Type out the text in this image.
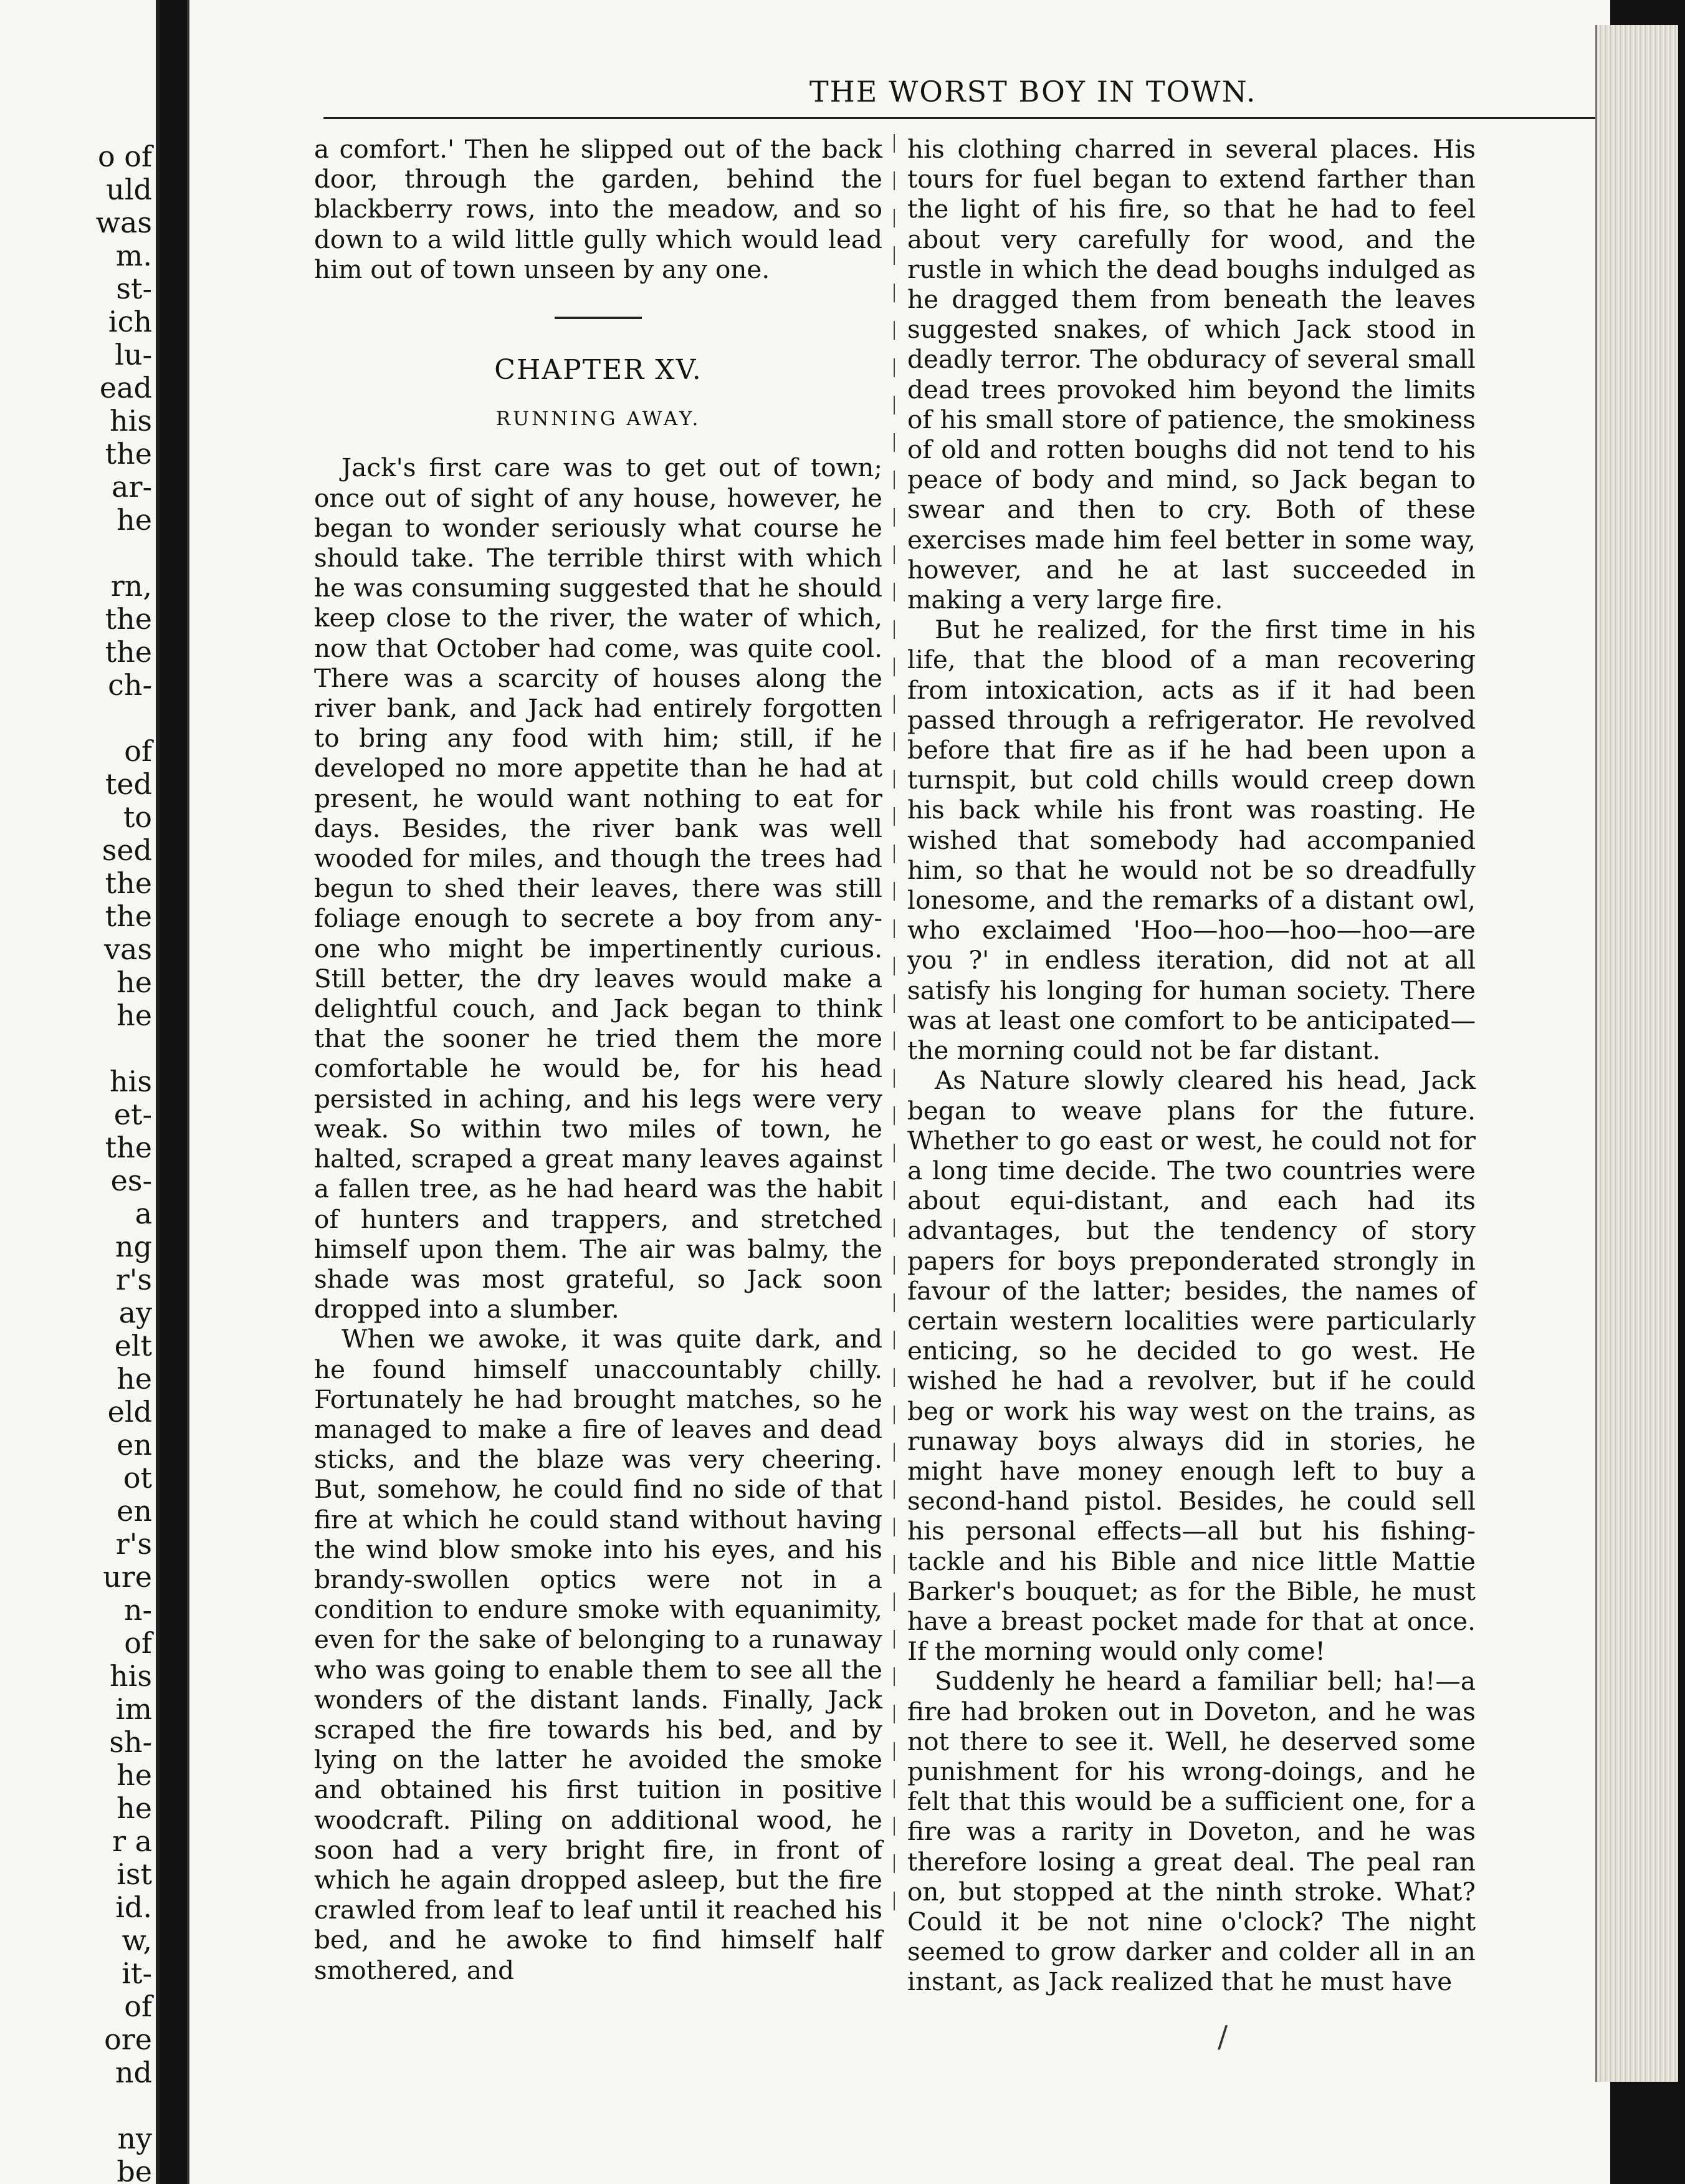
o of
uld
was
m.
st-
ich
lu-
ead
his
the
ar-
he
rn,
the
the
ch-
of
ted
to
sed
the
the
vas
he
he
his
et-
the
es-
a
ng
r's
ay
elt
he
eld
en
ot
en
r's
ure
n-
of
his
im
sh-
he
he
r a
ist
id.
w,
it-
of
ore
nd
ny
be
THE WORST BOY IN TOWN.

a comfort.' Then he slipped out of the back door, through the garden, behind the blackberry rows, into the meadow, and so down to a wild little gully which would lead him out of town unseen by any one.

CHAPTER XV.

RUNNING AWAY.

Jack's first care was to get out of town; once out of sight of any house, however, he began to wonder seriously what course he should take. The terrible thirst with which he was consuming suggested that he should keep close to the river, the water of which, now that October had come, was quite cool. There was a scarcity of houses along the river bank, and Jack had entirely forgotten to bring any food with him; still, if he developed no more appetite than he had at present, he would want nothing to eat for days. Besides, the river bank was well wooded for miles, and though the trees had begun to shed their leaves, there was still foliage enough to secrete a boy from any-one who might be impertinently curious. Still better, the dry leaves would make a delightful couch, and Jack began to think that the sooner he tried them the more comfortable he would be, for his head persisted in aching, and his legs were very weak. So within two miles of town, he halted, scraped a great many leaves against a fallen tree, as he had heard was the habit of hunters and trappers, and stretched himself upon them. The air was balmy, the shade was most grateful, so Jack soon dropped into a slumber.

When we awoke, it was quite dark, and he found himself unaccountably chilly. Fortunately he had brought matches, so he managed to make a fire of leaves and dead sticks, and the blaze was very cheering. But, somehow, he could find no side of that fire at which he could stand without having the wind blow smoke into his eyes, and his brandy-swollen optics were not in a condition to endure smoke with equanimity, even for the sake of belonging to a runaway who was going to enable them to see all the wonders of the distant lands. Finally, Jack scraped the fire towards his bed, and by lying on the latter he avoided the smoke and obtained his first tuition in positive woodcraft. Piling on additional wood, he soon had a very bright fire, in front of which he again dropped asleep, but the fire crawled from leaf to leaf until it reached his bed, and he awoke to find himself half smothered, and

his clothing charred in several places. His tours for fuel began to extend farther than the light of his fire, so that he had to feel about very carefully for wood, and the rustle in which the dead boughs indulged as he dragged them from beneath the leaves suggested snakes, of which Jack stood in deadly terror. The obduracy of several small dead trees provoked him beyond the limits of his small store of patience, the smokiness of old and rotten boughs did not tend to his peace of body and mind, so Jack began to swear and then to cry. Both of these exercises made him feel better in some way, however, and he at last succeeded in making a very large fire.

But he realized, for the first time in his life, that the blood of a man recovering from intoxication, acts as if it had been passed through a refrigerator. He revolved before that fire as if he had been upon a turnspit, but cold chills would creep down his back while his front was roasting. He wished that somebody had accompanied him, so that he would not be so dreadfully lonesome, and the remarks of a distant owl, who exclaimed 'Hoo—hoo—hoo—hoo—are you ?' in endless iteration, did not at all satisfy his longing for human society. There was at least one comfort to be anticipated—the morning could not be far distant.

As Nature slowly cleared his head, Jack began to weave plans for the future. Whether to go east or west, he could not for a long time decide. The two countries were about equi-distant, and each had its advantages, but the tendency of story papers for boys preponderated strongly in favour of the latter; besides, the names of certain western localities were particularly enticing, so he decided to go west. He wished he had a revolver, but if he could beg or work his way west on the trains, as runaway boys always did in stories, he might have money enough left to buy a second-hand pistol. Besides, he could sell his personal effects—all but his fishing-tackle and his Bible and nice little Mattie Barker's bouquet; as for the Bible, he must have a breast pocket made for that at once. If the morning would only come!

Suddenly he heard a familiar bell; ha!—a fire had broken out in Doveton, and he was not there to see it. Well, he deserved some punishment for his wrong-doings, and he felt that this would be a sufficient one, for a fire was a rarity in Doveton, and he was therefore losing a great deal. The peal ran on, but stopped at the ninth stroke. What? Could it be not nine o'clock? The night seemed to grow darker and colder all in an instant, as Jack realized that he must have

/
